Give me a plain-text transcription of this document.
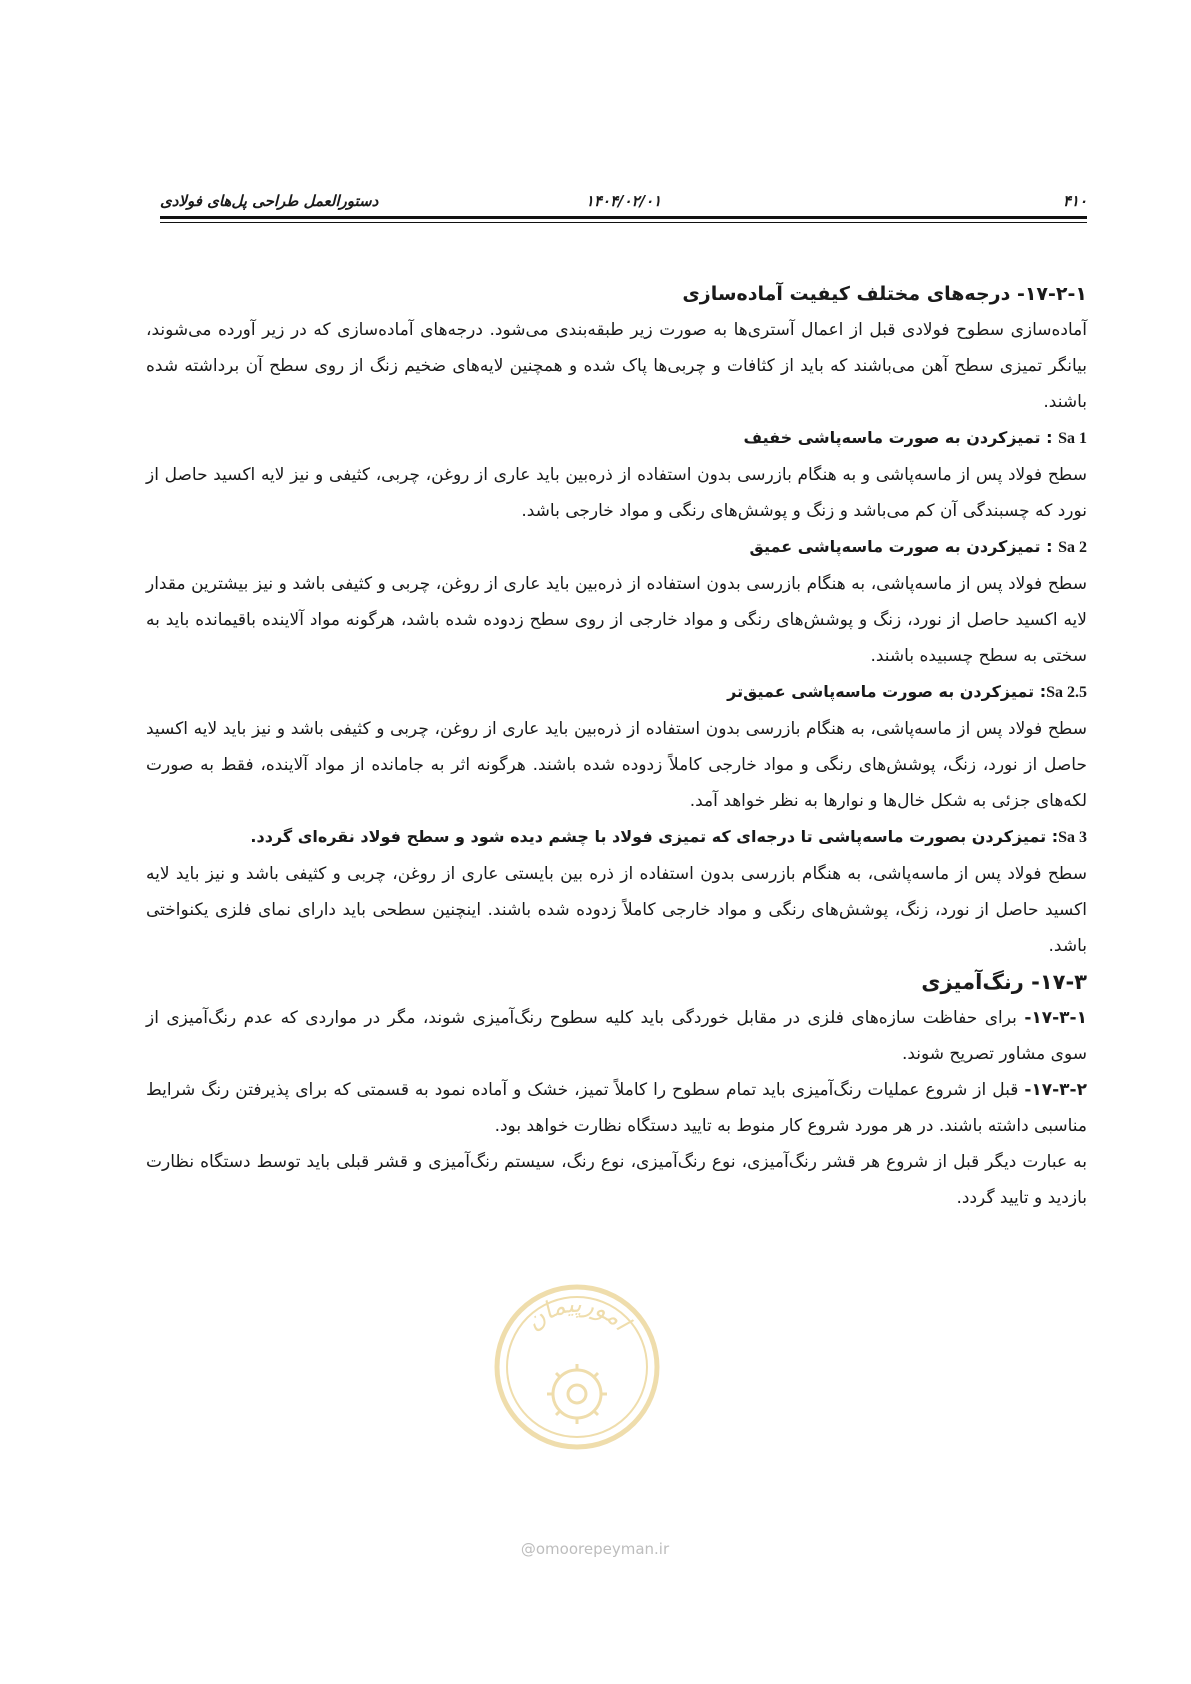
۴۱۰
۱۴۰۴/۰۲/۰۱
دستورالعمل طراحی پل‌های فولادی

۱۷-۲-۱- درجه‌های مختلف کیفیت آماده‌سازی

آماده‌سازی سطوح فولادی قبل از اعمال آستری‌ها به صورت زیر طبقه‌بندی می‌شود. درجه‌های آماده‌سازی که در زیر آورده می‌شوند، بیانگر تمیزی سطح آهن می‌باشند که باید از کثافات و چربی‌ها پاک شده و همچنین لایه‌های ضخیم زنگ از روی سطح آن برداشته شده باشند.

Sa 1 : تمیزکردن به صورت ماسه‌پاشی خفیف

سطح فولاد پس از ماسه‌پاشی و به هنگام بازرسی بدون استفاده از ذره‌بین باید عاری از روغن، چربی، کثیفی و نیز لایه اکسید حاصل از نورد که چسبندگی آن کم می‌باشد و زنگ و پوشش‌های رنگی و مواد خارجی باشد.

Sa 2 : تمیزکردن به صورت ماسه‌پاشی عمیق

سطح فولاد پس از ماسه‌پاشی، به هنگام بازرسی بدون استفاده از ذره‌بین باید عاری از روغن، چربی و کثیفی باشد و نیز بیشترین مقدار لایه اکسید حاصل از نورد، زنگ و پوشش‌های رنگی و مواد خارجی از روی سطح زدوده شده باشد، هرگونه مواد آلاینده باقیمانده باید به سختی به سطح چسبیده باشند.

Sa 2.5: تمیزکردن به صورت ماسه‌پاشی عمیق‌تر

سطح فولاد پس از ماسه‌پاشی، به هنگام بازرسی بدون استفاده از ذره‌بین باید عاری از روغن، چربی و کثیفی باشد و نیز باید لایه اکسید حاصل از نورد، زنگ، پوشش‌های رنگی و مواد خارجی کاملاً زدوده شده باشند. هرگونه اثر به جامانده از مواد آلاینده، فقط به صورت لکه‌های جزئی به شکل خال‌ها و نوارها به نظر خواهد آمد.

Sa 3: تمیزکردن بصورت ماسه‌پاشی تا درجه‌ای که تمیزی فولاد با چشم دیده شود و سطح فولاد نقره‌ای گردد.

سطح فولاد پس از ماسه‌پاشی، به هنگام بازرسی بدون استفاده از ذره بین بایستی عاری از روغن، چربی و کثیفی باشد و نیز باید لایه اکسید حاصل از نورد، زنگ، پوشش‌های رنگی و مواد خارجی کاملاً زدوده شده باشند. اینچنین سطحی باید دارای نمای فلزی یکنواختی باشد.

۱۷-۳- رنگ‌آمیزی

۱۷-۳-۱- برای حفاظت سازه‌های فلزی در مقابل خوردگی باید کلیه سطوح رنگ‌آمیزی شوند، مگر در مواردی که عدم رنگ‌آمیزی از سوی مشاور تصریح شوند.

۱۷-۳-۲- قبل از شروع عملیات رنگ‌آمیزی باید تمام سطوح را کاملاً تمیز، خشک و آماده نمود به قسمتی که برای پذیرفتن رنگ شرایط مناسبی داشته باشند. در هر مورد شروع کار منوط به تایید دستگاه نظارت خواهد بود.

به عبارت دیگر قبل از شروع هر قشر رنگ‌آمیزی، نوع رنگ‌آمیزی، نوع رنگ، سیستم رنگ‌آمیزی و قشر قبلی باید توسط دستگاه نظارت بازدید و تایید گردد.

امورپیمان
@omoorepeyman.ir
